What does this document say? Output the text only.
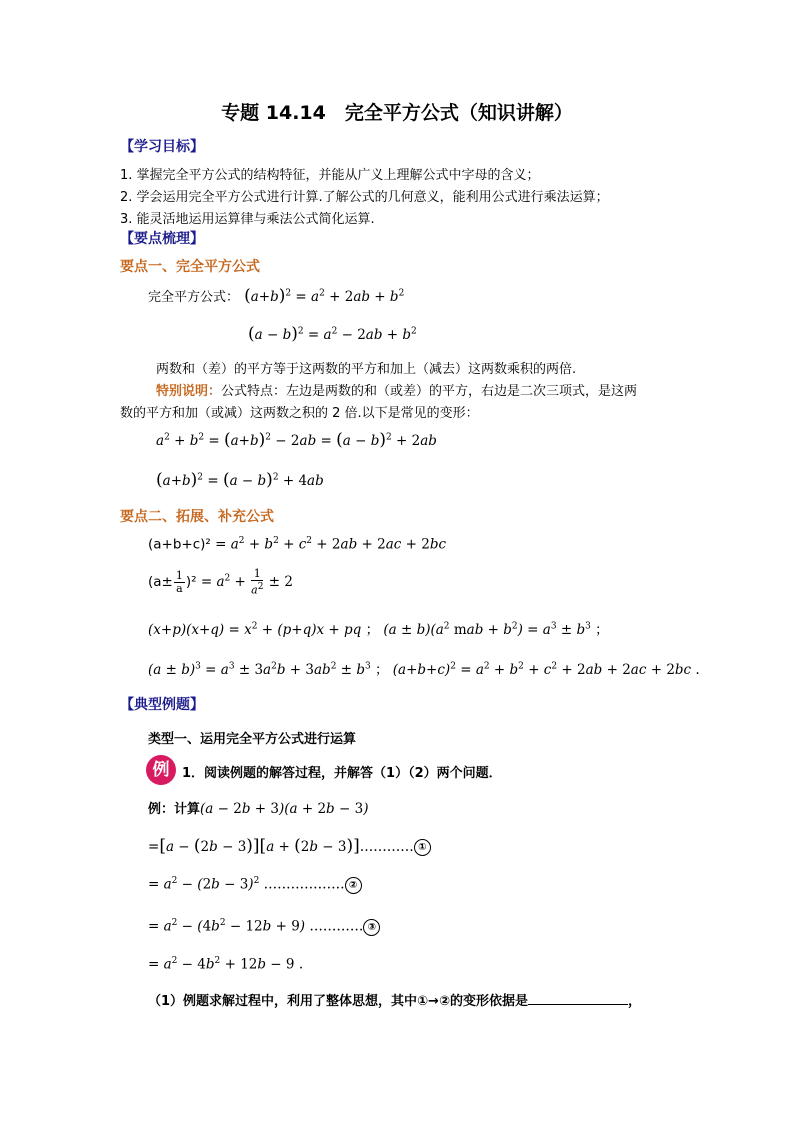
专题 14.14　完全平方公式（知识讲解）
【学习目标】
1. 掌握完全平方公式的结构特征，并能从广义上理解公式中字母的含义；
2. 学会运用完全平方公式进行计算.了解公式的几何意义，能利用公式进行乘法运算；
3. 能灵活地运用运算律与乘法公式简化运算.
【要点梳理】
要点一、完全平方公式
完全平方公式： $(a+b)^2 = a^2 + 2ab + b^2$
$(a - b)^2 = a^2 - 2ab + b^2$
两数和（差）的平方等于这两数的平方和加上（减去）这两数乘积的两倍.
特别说明：公式特点：左边是两数的和（或差）的平方，右边是二次三项式，是这两
数的平方和加（或减）这两数之积的 2 倍.以下是常见的变形：
$a^2 + b^2 = (a+b)^2 - 2ab = (a - b)^2 + 2ab$
$(a+b)^2 = (a - b)^2 + 4ab$
要点二、拓展、补充公式
$(a+b+c)^2 = a^2 + b^2 + c^2 + 2ab + 2ac + 2bc$
$(a\pm \frac{1}{a} )^2 = a^2 + \frac{1}{a^2} \pm 2$
$(x+p)(x+q) = x^2 + (p+q)x$ + pq ； $(a \pm b)(a^2$ mab + $b^2) = a^3 \pm b^3$ ；
$(a \pm b)^3 = a^3 \pm 3a^2b + 3ab^2 \pm b^3$ ； $(a+b+c)^2 = a^2 + b^2 + c^2 + 2ab + 2ac + 2bc$ .
【典型例题】
类型一、运用完全平方公式进行运算
例 1．阅读例题的解答过程，并解答（1）（2）两个问题．
例：计算(a − 2b + 3)(a + 2b − 3)
=[a − (2b − 3)][a + (2b − 3)]………… ①
= $a^2 - (2b - 3)^2$ ……………… ②
= $a^2 - (4b^2 - 12b + 9)$ ………… ③
= $a^2 - 4b^2 + 12b - 9$ .
（1）例题求解过程中，利用了整体思想，其中①→②的变形依据是	，
